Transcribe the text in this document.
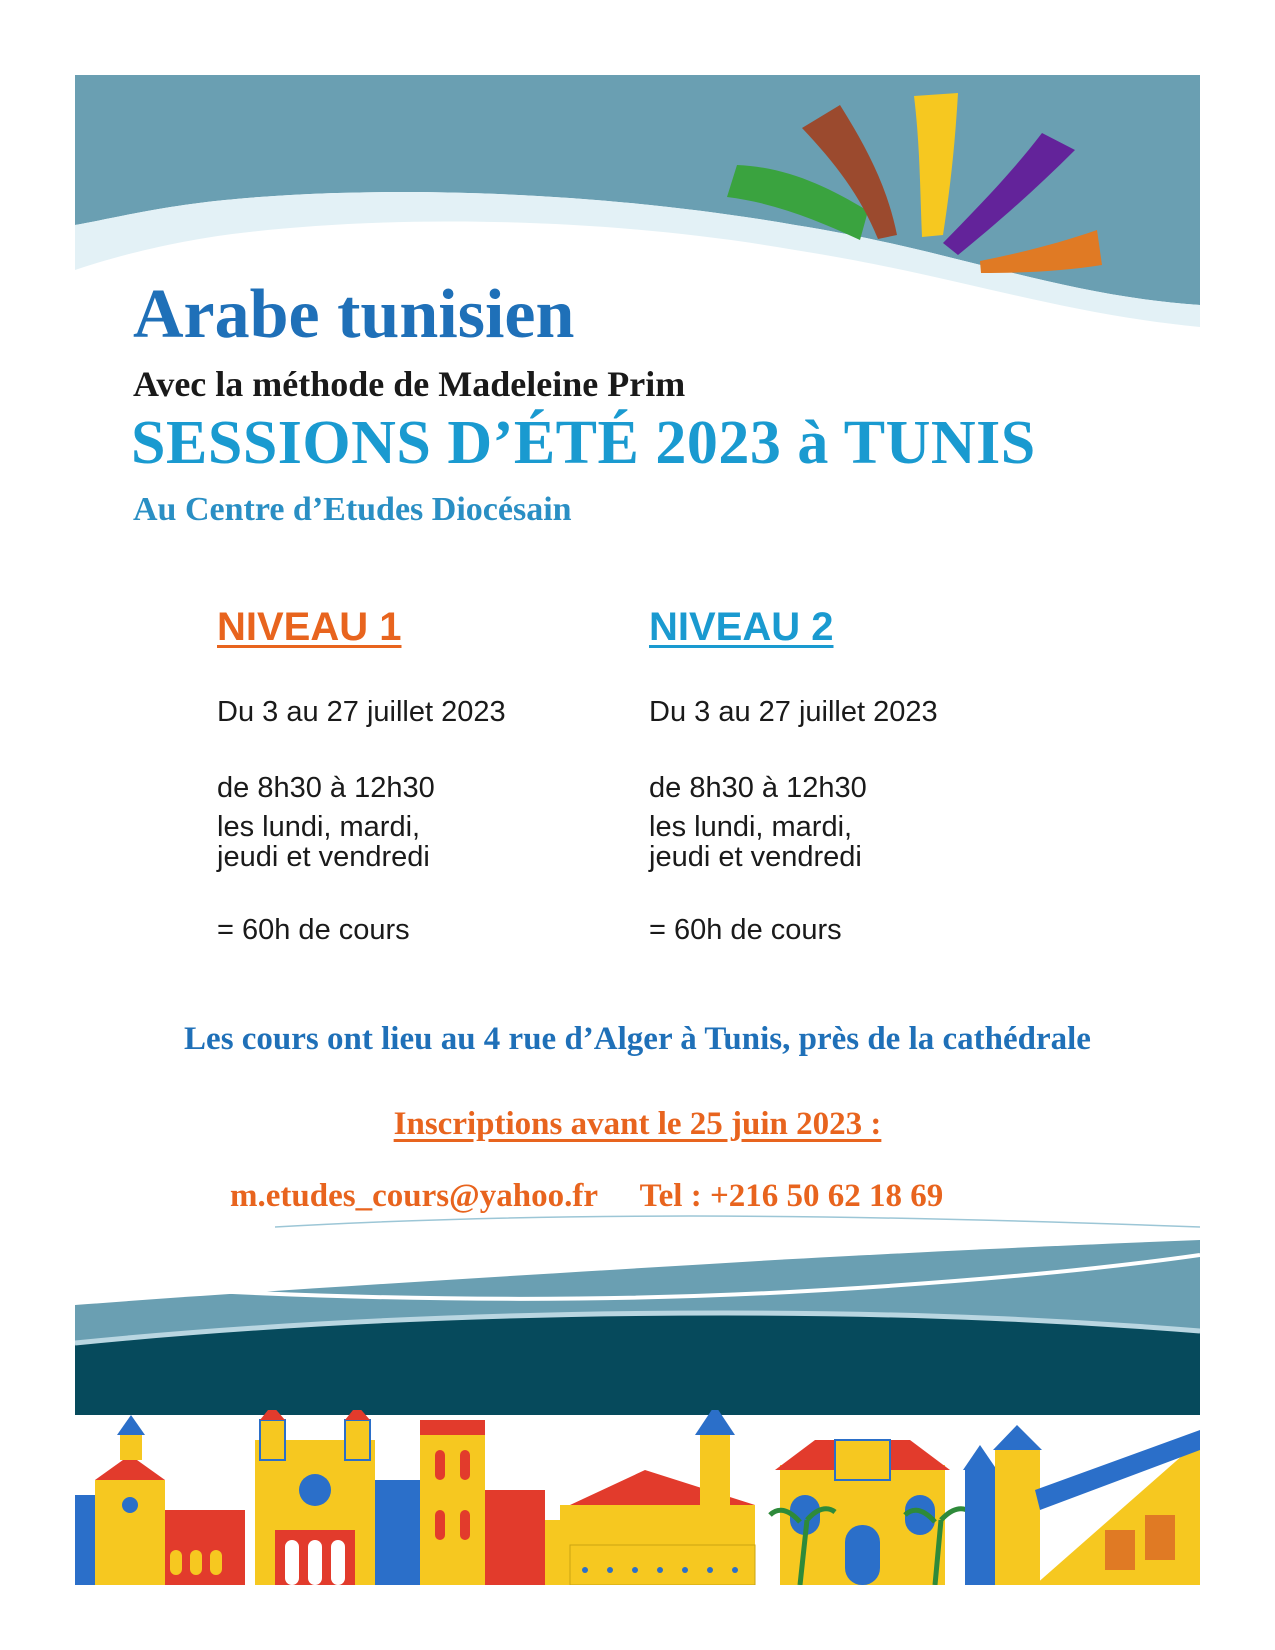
Arabe tunisien
Avec la méthode de Madeleine Prim
SESSIONS D’ÉTÉ 2023 à TUNIS
Au Centre d’Etudes Diocésain
NIVEAU 1

Du 3 au 27 juillet 2023

de 8h30 à 12h30

les lundi, mardi,

jeudi et vendredi

= 60h de cours

NIVEAU 2

Du 3 au 27 juillet 2023

de 8h30 à 12h30

les lundi, mardi,

jeudi et vendredi

= 60h de cours

Les cours ont lieu au 4 rue d’Alger à Tunis, près de la cathédrale
Inscriptions avant le 25 juin 2023 :
m.etudes_cours@yahoo.fr Tel : +216 50 62 18 69
